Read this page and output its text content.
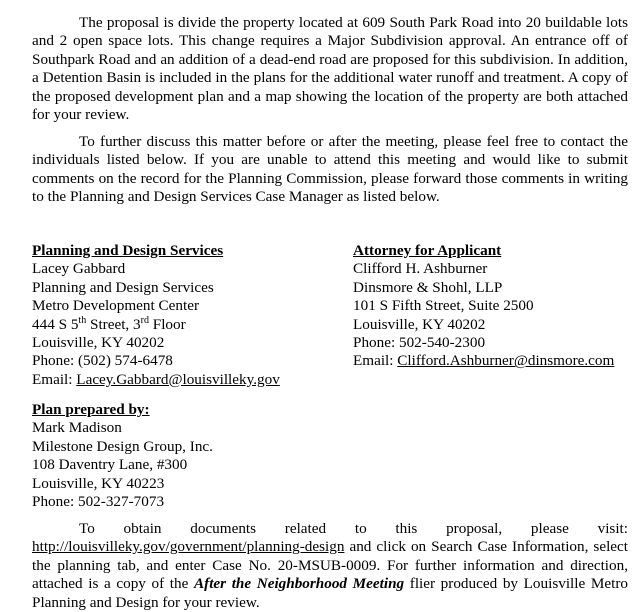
The proposal is divide the property located at 609 South Park Road into 20 buildable lots and 2 open space lots. This change requires a Major Subdivision approval. An entrance off of Southpark Road and an addition of a dead-end road are proposed for this subdivision. In addition, a Detention Basin is included in the plans for the additional water runoff and treatment. A copy of the proposed development plan and a map showing the location of the property are both attached for your review.

To further discuss this matter before or after the meeting, please feel free to contact the individuals listed below. If you are unable to attend this meeting and would like to submit comments on the record for the Planning Commission, please forward those comments in writing to the Planning and Design Services Case Manager as listed below.

Planning and Design Services
Lacey Gabbard
Planning and Design Services
Metro Development Center
444 S 5th Street, 3rd Floor
Louisville, KY 40202
Phone: (502) 574-6478
Email: Lacey.Gabbard@louisvilleky.gov
Attorney for Applicant
Clifford H. Ashburner
Dinsmore & Shohl, LLP
101 S Fifth Street, Suite 2500
Louisville, KY 40202
Phone: 502-540-2300
Email: Clifford.Ashburner@dinsmore.com
Plan prepared by:
Mark Madison
Milestone Design Group, Inc.
108 Daventry Lane, #300
Louisville, KY 40223
Phone: 502-327-7073

To obtain documents related to this proposal, please visit: http://louisvilleky.gov/government/planning-design and click on Search Case Information, select the planning tab, and enter Case No. 20-MSUB-0009. For further information and direction, attached is a copy of the After the Neighborhood Meeting flier produced by Louisville Metro Planning and Design for your review.
